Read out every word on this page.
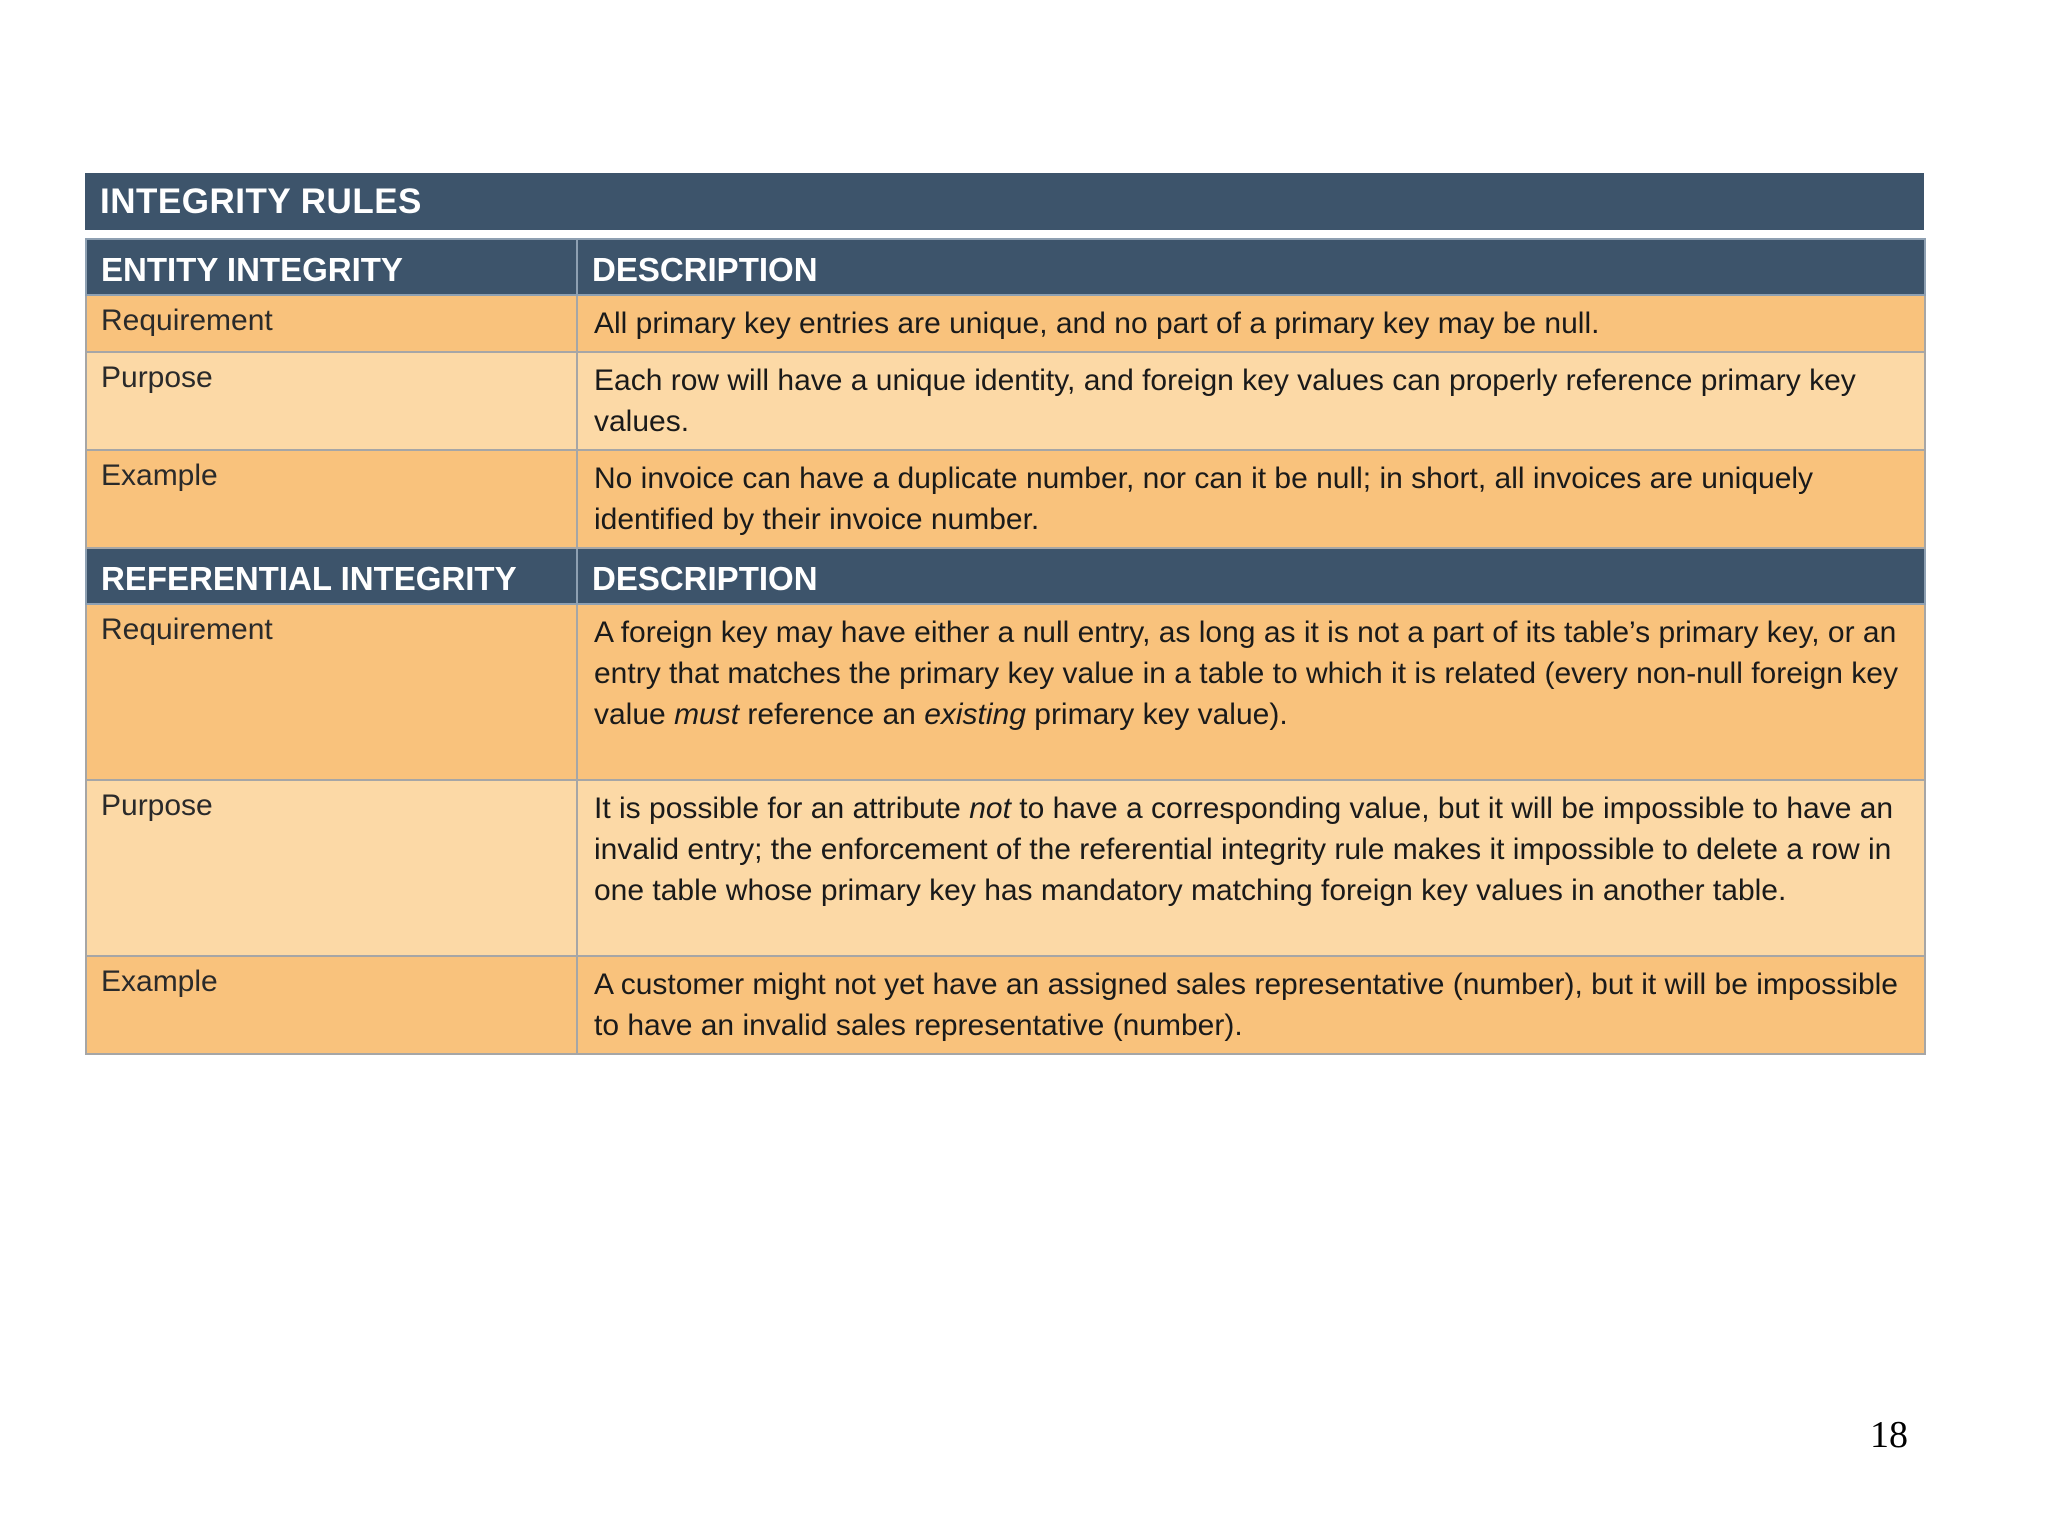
INTEGRITY RULES
ENTITY INTEGRITY	DESCRIPTION
Requirement	All primary key entries are unique, and no part of a primary key may be null.
Purpose	Each row will have a unique identity, and foreign key values can properly reference primary key values.
Example	No invoice can have a duplicate number, nor can it be null; in short, all invoices are uniquely identified by their invoice number.
REFERENTIAL INTEGRITY	DESCRIPTION
Requirement	A foreign key may have either a null entry, as long as it is not a part of its table’s primary key, or an entry that matches the primary key value in a table to which it is related (every non-null foreign key value must reference an existing primary key value).
Purpose	It is possible for an attribute not to have a corresponding value, but it will be impossible to have an invalid entry; the enforcement of the referential integrity rule makes it impossible to delete a row in one table whose primary key has mandatory matching foreign key values in another table.
Example	A customer might not yet have an assigned sales representative (number), but it will be impossible to have an invalid sales representative (number).
18
